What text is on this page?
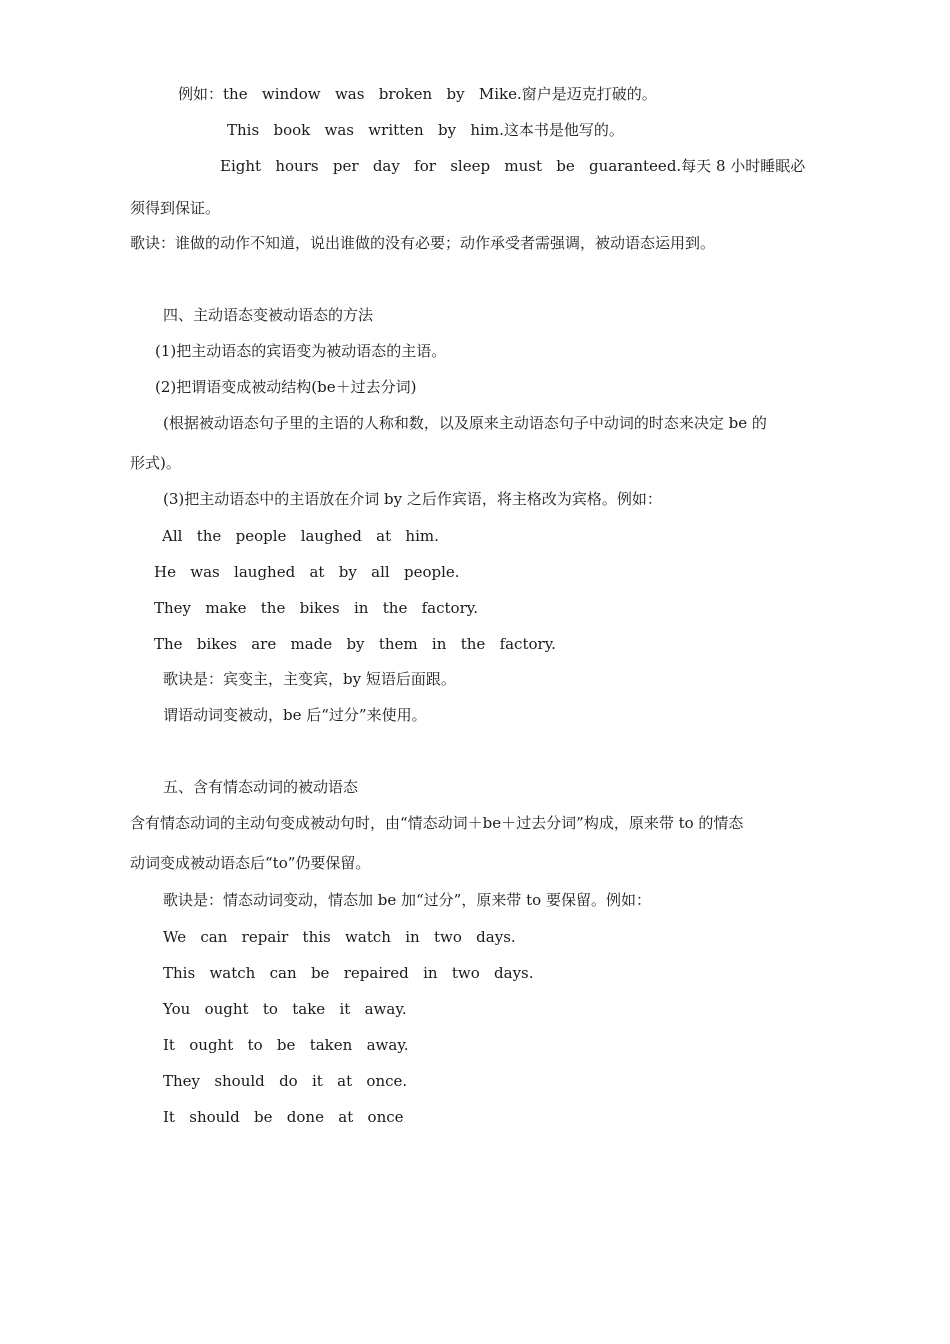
例如：the   window   was   broken   by   Mike.窗户是迈克打破的。

This   book   was   written   by   him.这本书是他写的。

Eight   hours   per   day   for   sleep   must   be   guaranteed.每天 8 小时睡眠必

须得到保证。

歌诀：谁做的动作不知道，说出谁做的没有必要；动作承受者需强调，被动语态运用到。

四、主动语态变被动语态的方法

(1)把主动语态的宾语变为被动语态的主语。

(2)把谓语变成被动结构(be＋过去分词)

(根据被动语态句子里的主语的人称和数，以及原来主动语态句子中动词的时态来决定 be 的

形式)。

(3)把主动语态中的主语放在介词 by 之后作宾语，将主格改为宾格。例如：

All   the   people   laughed   at   him.

He   was   laughed   at   by   all   people.

They   make   the   bikes   in   the   factory.

The   bikes   are   made   by   them   in   the   factory.

歌诀是：宾变主，主变宾，by 短语后面跟。

谓语动词变被动，be 后“过分”来使用。

五、含有情态动词的被动语态

含有情态动词的主动句变成被动句时，由“情态动词＋be＋过去分词”构成，原来带 to 的情态

动词变成被动语态后“to”仍要保留。

歌诀是：情态动词变动，情态加 be 加“过分”，原来带 to 要保留。例如：

We   can   repair   this   watch   in   two   days.

This   watch   can   be   repaired   in   two   days.

You   ought   to   take   it   away.

It   ought   to   be   taken   away.

They   should   do   it   at   once.

It   should   be   done   at   once
